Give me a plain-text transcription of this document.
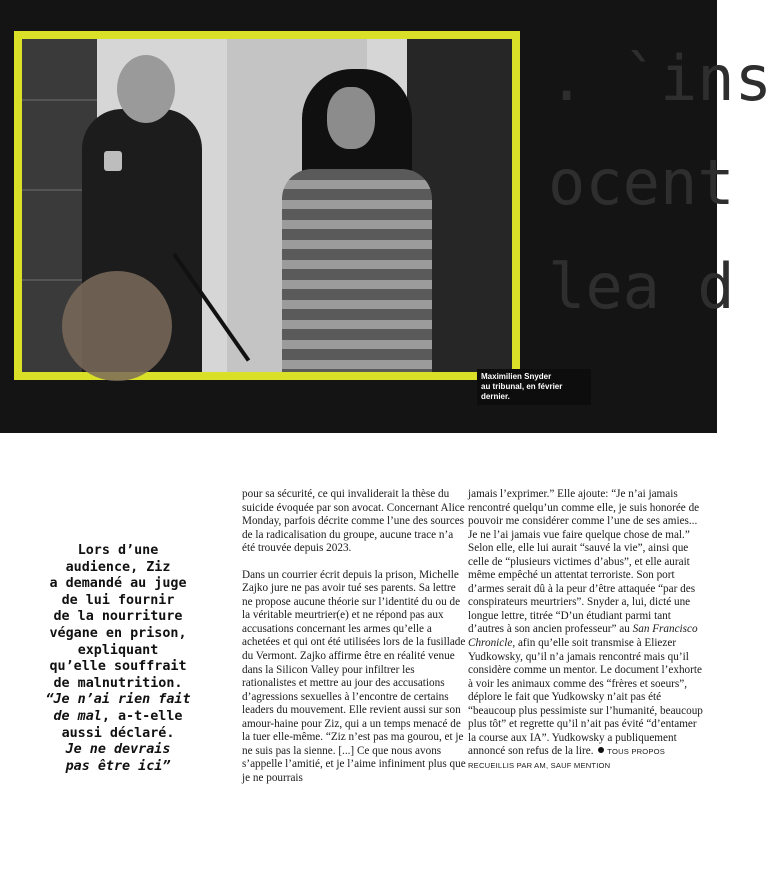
. `ins
ocent
lea d
Maximilien Snyder
au tribunal, en février dernier.
Lors d’une
audience, Ziz
a demandé au juge
de lui fournir
de la nourriture
végane en prison,
expliquant
qu’elle souffrait
de malnutrition.
“Je n’ai rien fait
de mal, a-t-elle
aussi déclaré.
Je ne devrais
pas être ici”

pour sa sécurité, ce qui invaliderait la thèse du suicide évoquée par son avocat. Concernant Alice Monday, parfois décrite comme l’une des sources de la radicalisation du groupe, aucune trace n’a été trouvée depuis 2023.

Dans un courrier écrit depuis la prison, Michelle Zajko jure ne pas avoir tué ses parents. Sa lettre ne propose aucune théorie sur l’identité du ou de la véritable meurtrier(e) et ne répond pas aux accusations concernant les armes qu’elle a achetées et qui ont été utilisées lors de la fusillade du Vermont. Zajko affirme être en réalité venue dans la Silicon Valley pour infiltrer les rationalistes et mettre au jour des accusations d’agressions sexuelles à l’encontre de certains leaders du mouvement. Elle revient aussi sur son amour-haine pour Ziz, qui a un temps menacé de la tuer elle-même. “Ziz n’est pas ma gourou, et je ne suis pas la sienne. [...] Ce que nous avons s’appelle l’amitié, et je l’aime infiniment plus que je ne pourrais

jamais l’exprimer.” Elle ajoute: “Je n’ai jamais rencontré quelqu’un comme elle, je suis honorée de pouvoir me considérer comme l’une de ses amies... Je ne l’ai jamais vue faire quelque chose de mal.” Selon elle, elle lui aurait “sauvé la vie”, ainsi que celle de “plusieurs victimes d’abus”, et elle aurait même empêché un attentat terroriste. Son port d’armes serait dû à la peur d’être attaquée “par des conspirateurs meurtriers”. Snyder a, lui, dicté une longue lettre, titrée “D’un étudiant parmi tant d’autres à son ancien professeur” au San Francisco Chronicle, afin qu’elle soit transmise à Eliezer Yudkowsky, qu’il n’a jamais rencontré mais qu’il considère comme un mentor. Le document l’exhorte à voir les animaux comme des “frères et soeurs”, déplore le fait que Yudkowsky n’ait pas été “beaucoup plus pessimiste sur l’humanité, beaucoup plus tôt” et regrette qu’il n’ait pas évité “d’entamer la course aux IA”. Yudkowsky a publiquement annoncé son refus de la lire. TOUS PROPOS RECUEILLIS PAR AM, SAUF MENTION
